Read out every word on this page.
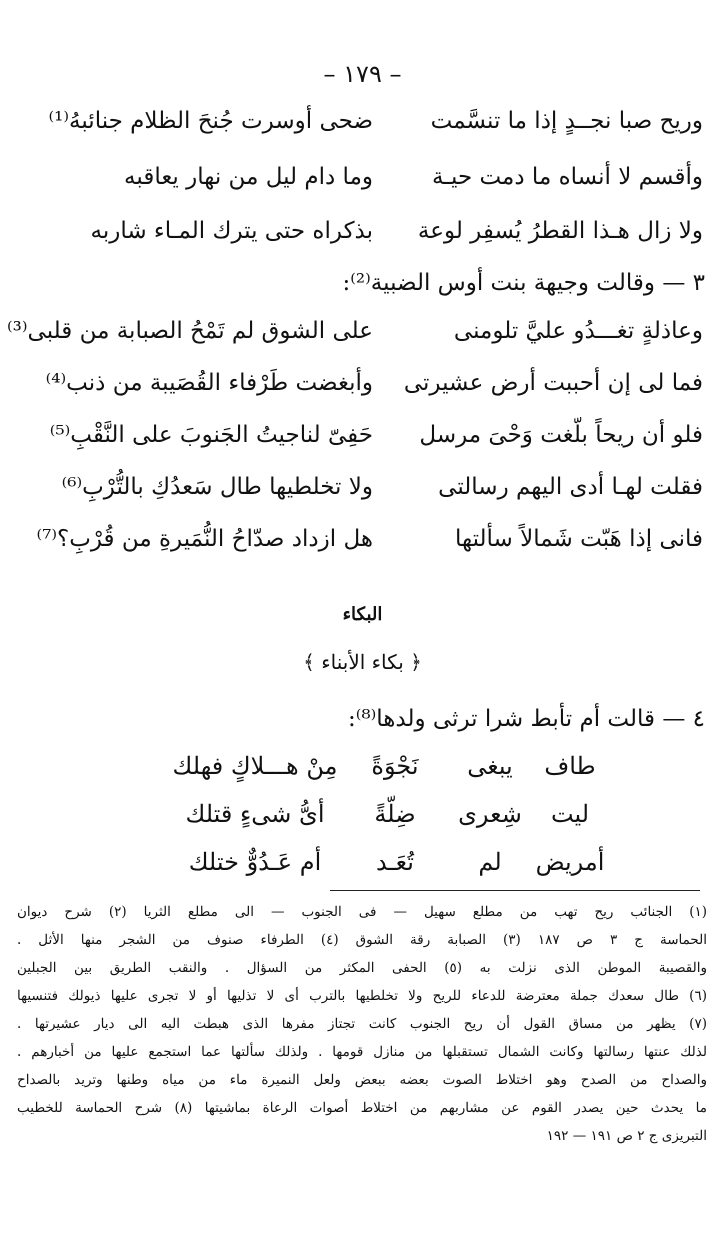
– ١٧٩ –
وريح صبا نجــدٍ إذا ما تنسَّمت
ضحى أوسرت جُنحَ الظلام جنائبهُ⁽¹⁾
وأقسم لا أنساه ما دمت حيـة
وما دام ليل من نهار يعاقبه
ولا زال هـذا القطرُ يُسفِر لوعة
بذكراه حتى يترك المـاء شاربه
٣ — وقالت وجيهة بنت أوس الضبية⁽²⁾:
وعاذلةٍ تغـــدُو عليَّ تلومنى
على الشوق لم تَمْحُ الصبابة من قلبى⁽³⁾
فما لى إن أحببت أرض عشيرتى
وأبغضت طَرْفاء القُصَيبة من ذنب⁽⁴⁾
فلو أن ريحاً بلّغت وَحْىَ مرسل
حَفِىّ لناجيتُ الجَنوبَ على النَّقْبِ⁽⁵⁾
فقلت لهـا أدى اليهم رسالتى
ولا تخلطيها طال سَعدُكِ بالتُّرْبِ⁽⁶⁾
فانى إذا هَبّت شَمالاً سألتها
هل ازداد صدّاحُ النُّمَيرةِ من قُرْبِ؟⁽⁷⁾
البكاء
﴿ بكاء الأبناء ﴾
٤ — قالت أم تأبط شرا ترثى ولدها⁽⁸⁾:
طاف
يبغى
نَجْوَةً
مِنْ هـــلاكٍ فهلك
ليت
شِعرى
ضِلّةً
أىُّ شىءٍ قتلك
أمريض
لم
تُعَـد
أم عَـدُوٌّ ختلك
(١) الجنائب ريح تهب من مطلع سهيل — فى الجنوب — الى مطلع الثريا (٢) شرح ديوان
الحماسة ج ٣ ص ١٨٧ (٣) الصبابة رقة الشوق (٤) الطرفاء صنوف من الشجر منها الأثل .
والقصيبة الموطن الذى نزلت به (٥) الحفى المكثر من السؤال . والنقب الطريق بين الجبلين
(٦) طال سعدك جملة معترضة للدعاء للريح ولا تخلطيها بالترب أى لا تذليها أو لا تجرى عليها ذيولك فتنسيها
(٧) يظهر من مساق القول أن ريح الجنوب كانت تجتاز مفرها الذى هبطت اليه الى ديار عشيرتها .
لذلك عنتها رسالتها وكانت الشمال تستقبلها من منازل قومها . ولذلك سألتها عما استجمع عليها من أخبارهم .
والصداح من الصدح وهو اختلاط الصوت بعضه ببعض ولعل النميرة ماء من مياه وطنها وتريد بالصداح
ما يحدث حين يصدر القوم عن مشاربهم من اختلاط أصوات الرعاة بماشيتها (٨) شرح الحماسة للخطيب
التبريزى ج ٢ ص ١٩١ — ١٩٢
